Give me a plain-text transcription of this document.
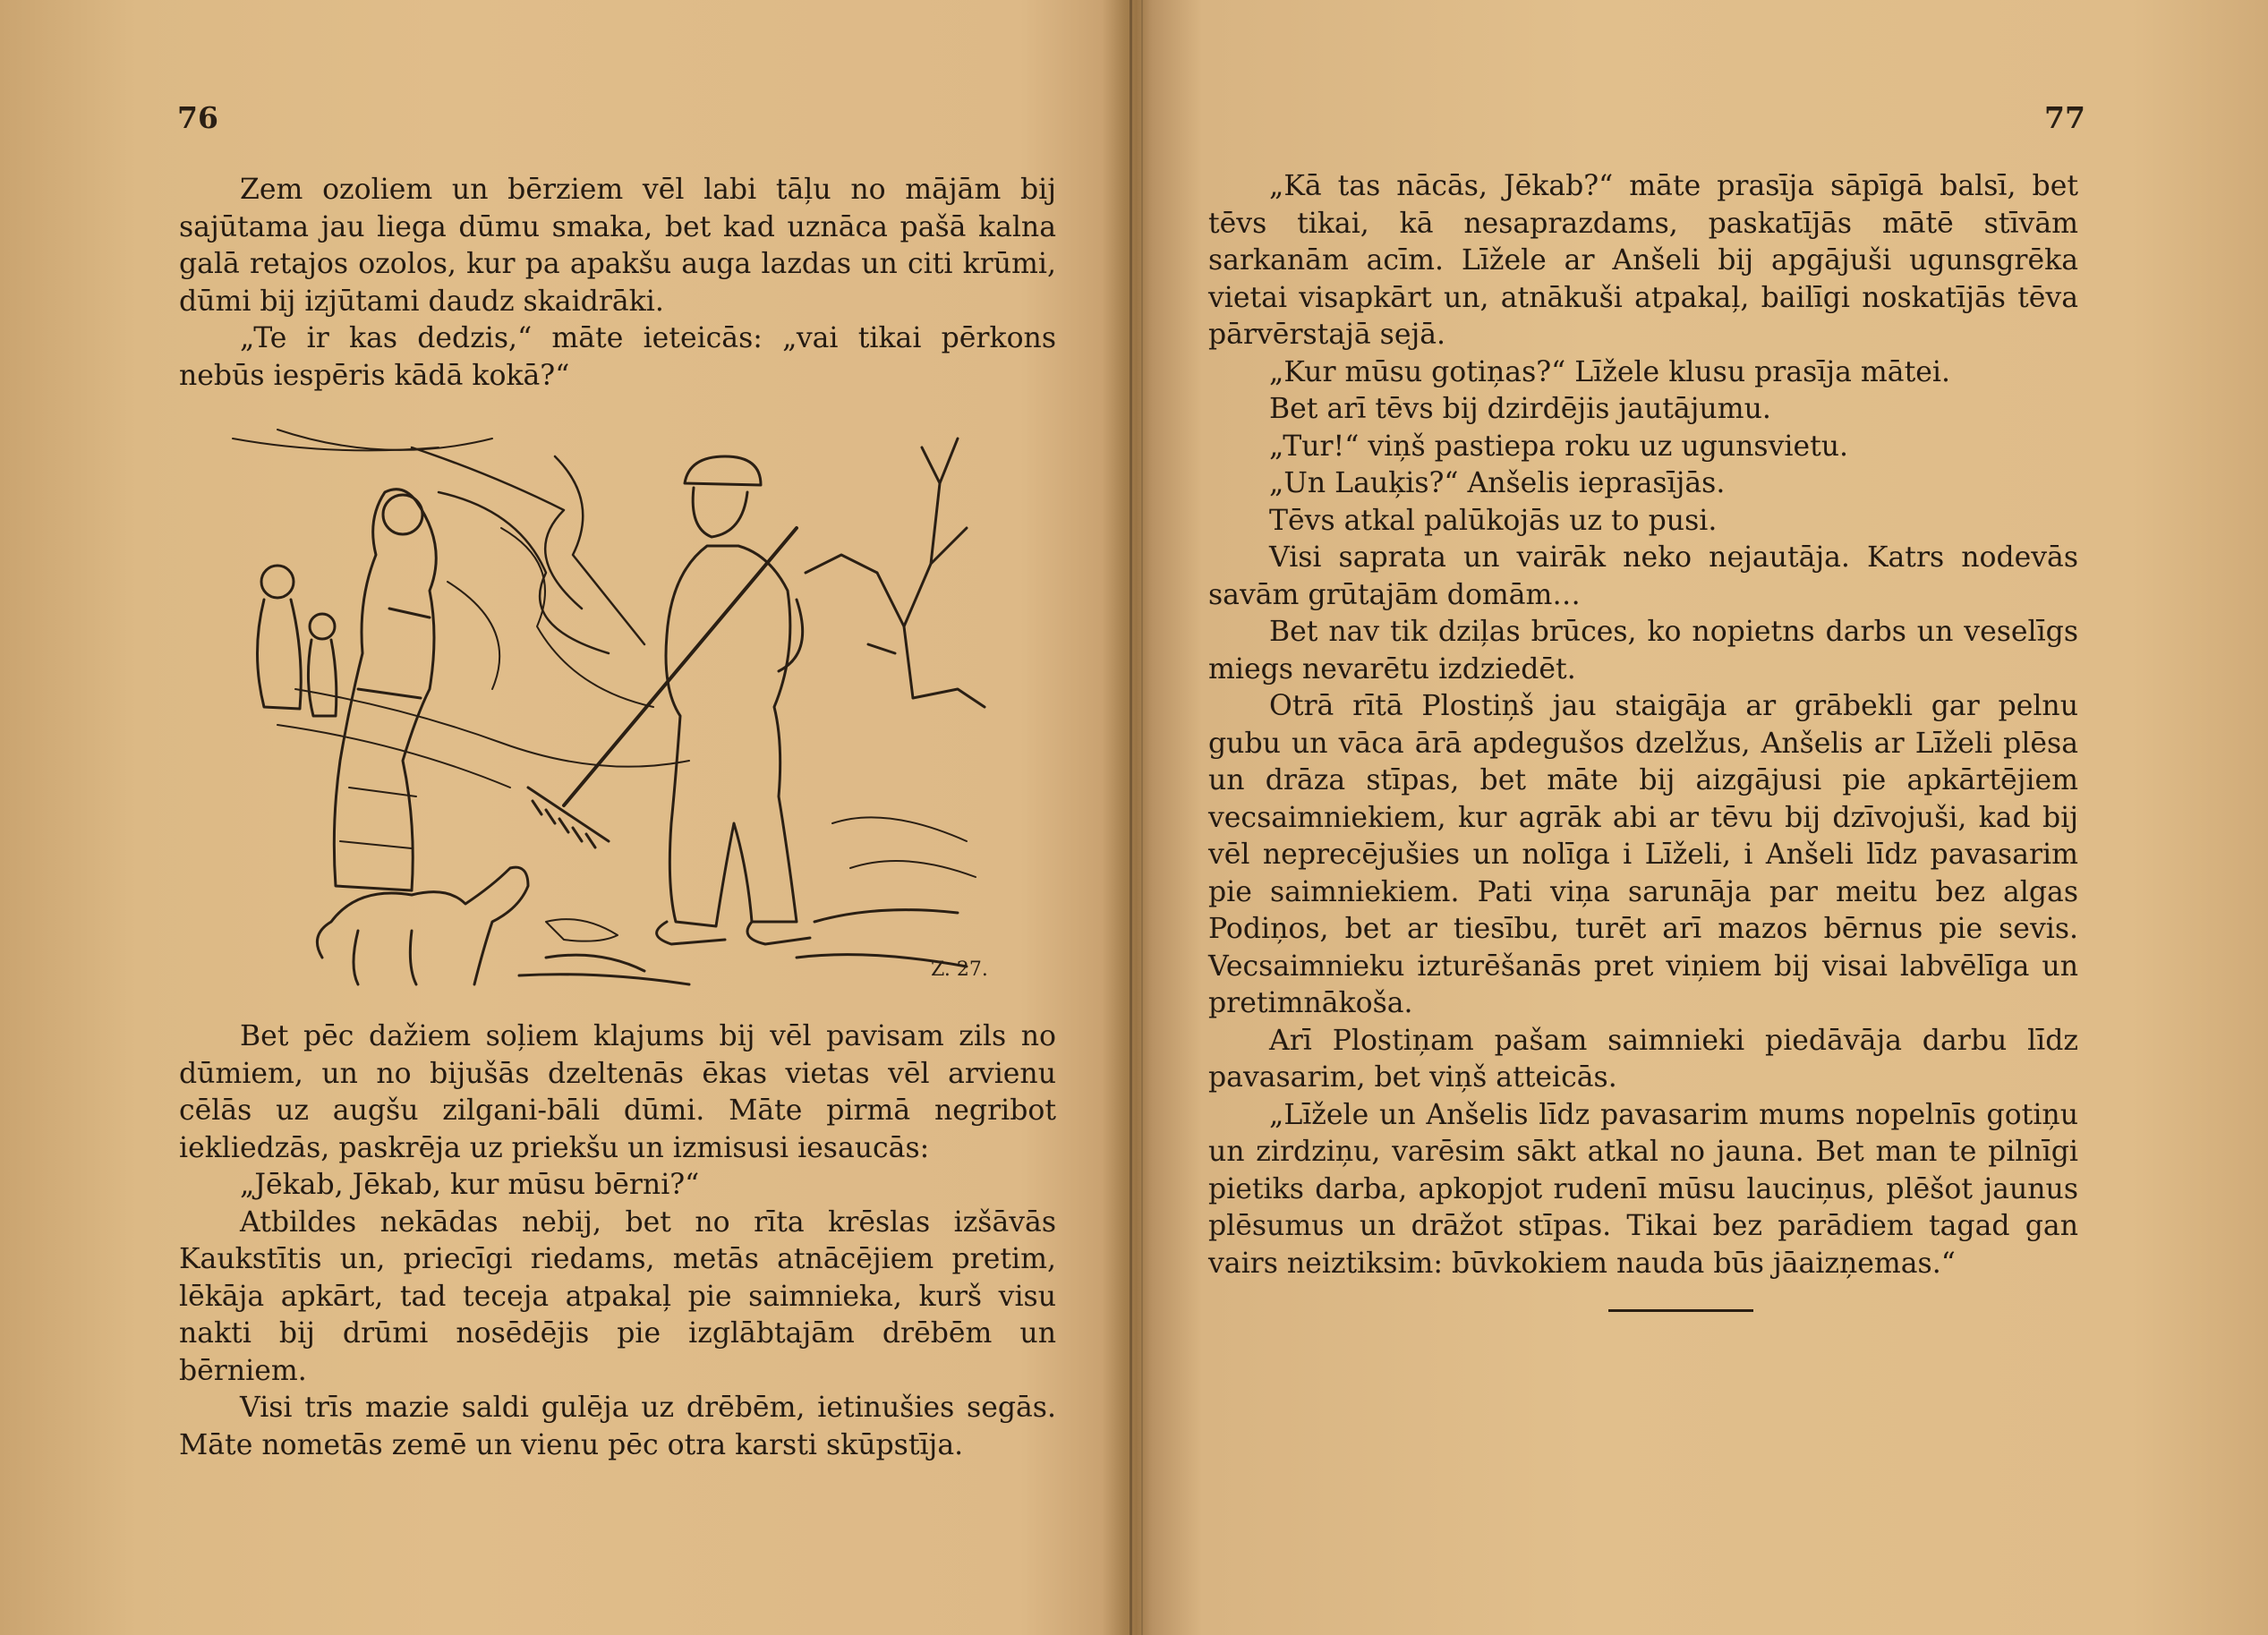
76

Zem ozoliem un bērziem vēl labi tāļu no mājām bij sajūtama jau liega dūmu smaka, bet kad uznāca pašā kalna galā retajos ozolos, kur pa apakšu auga lazdas un citi krūmi, dūmi bij izjūtami daudz skaidrāki.

„Te ir kas dedzis,“ māte ieteicās: „vai tikai pērkons nebūs iespēris kādā kokā?“

Z. 27.

Bet pēc dažiem soļiem klajums bij vēl pavisam zils no dūmiem, un no bijušās dzeltenās ēkas vietas vēl arvienu cēlās uz augšu zilgani-bāli dūmi. Māte pirmā negribot iekliedzās, paskrēja uz priekšu un izmisusi iesaucās:

„Jēkab, Jēkab, kur mūsu bērni?“

Atbildes nekādas nebij, bet no rīta krēslas izšāvās Kaukstītis un, priecīgi riedams, metās atnācējiem pretim, lēkāja apkārt, tad teceja atpakaļ pie saimnieka, kurš visu nakti bij drūmi nosēdējis pie izglābtajām drēbēm un bērniem.

Visi trīs mazie saldi gulēja uz drēbēm, ietinušies segās. Māte nometās zemē un vienu pēc otra karsti skūpstīja.

77

„Kā tas nācās, Jēkab?“ māte prasīja sāpīgā balsī, bet tēvs tikai, kā nesaprazdams, paskatījās mātē stīvām sarkanām acīm. Līžele ar Anšeli bij apgājuši ugunsgrēka vietai visapkārt un, atnākuši atpakaļ, bailīgi noskatījās tēva pārvērstajā sejā.

„Kur mūsu gotiņas?“ Līžele klusu prasīja mātei.

Bet arī tēvs bij dzirdējis jautājumu.

„Tur!“ viņš pastiepa roku uz ugunsvietu.

„Un Lauķis?“ Anšelis ieprasījās.

Tēvs atkal palūkojās uz to pusi.

Visi saprata un vairāk neko nejautāja. Katrs nodevās savām grūtajām domām…

Bet nav tik dziļas brūces, ko nopietns darbs un veselīgs miegs nevarētu izdziedēt.

Otrā rītā Plostiņš jau staigāja ar grābekli gar pelnu gubu un vāca ārā apdegušos dzelžus, Anšelis ar Līželi plēsa un drāza stīpas, bet māte bij aizgājusi pie apkārtējiem vecsaimniekiem, kur agrāk abi ar tēvu bij dzīvojuši, kad bij vēl neprecējušies un nolīga i Līželi, i Anšeli līdz pavasarim pie saimniekiem. Pati viņa sarunāja par meitu bez algas Podiņos, bet ar tiesību, turēt arī mazos bērnus pie sevis. Vecsaimnieku izturēšanās pret viņiem bij visai labvēlīga un pretimnākoša.

Arī Plostiņam pašam saimnieki piedāvāja darbu līdz pavasarim, bet viņš atteicās.

„Līžele un Anšelis līdz pavasarim mums nopelnīs gotiņu un zirdziņu, varēsim sākt atkal no jauna. Bet man te pilnīgi pietiks darba, apkopjot rudenī mūsu lauciņus, plēšot jaunus plēsumus un drāžot stīpas. Tikai bez parādiem tagad gan vairs neiztiksim: būvkokiem nauda būs jāaizņemas.“
